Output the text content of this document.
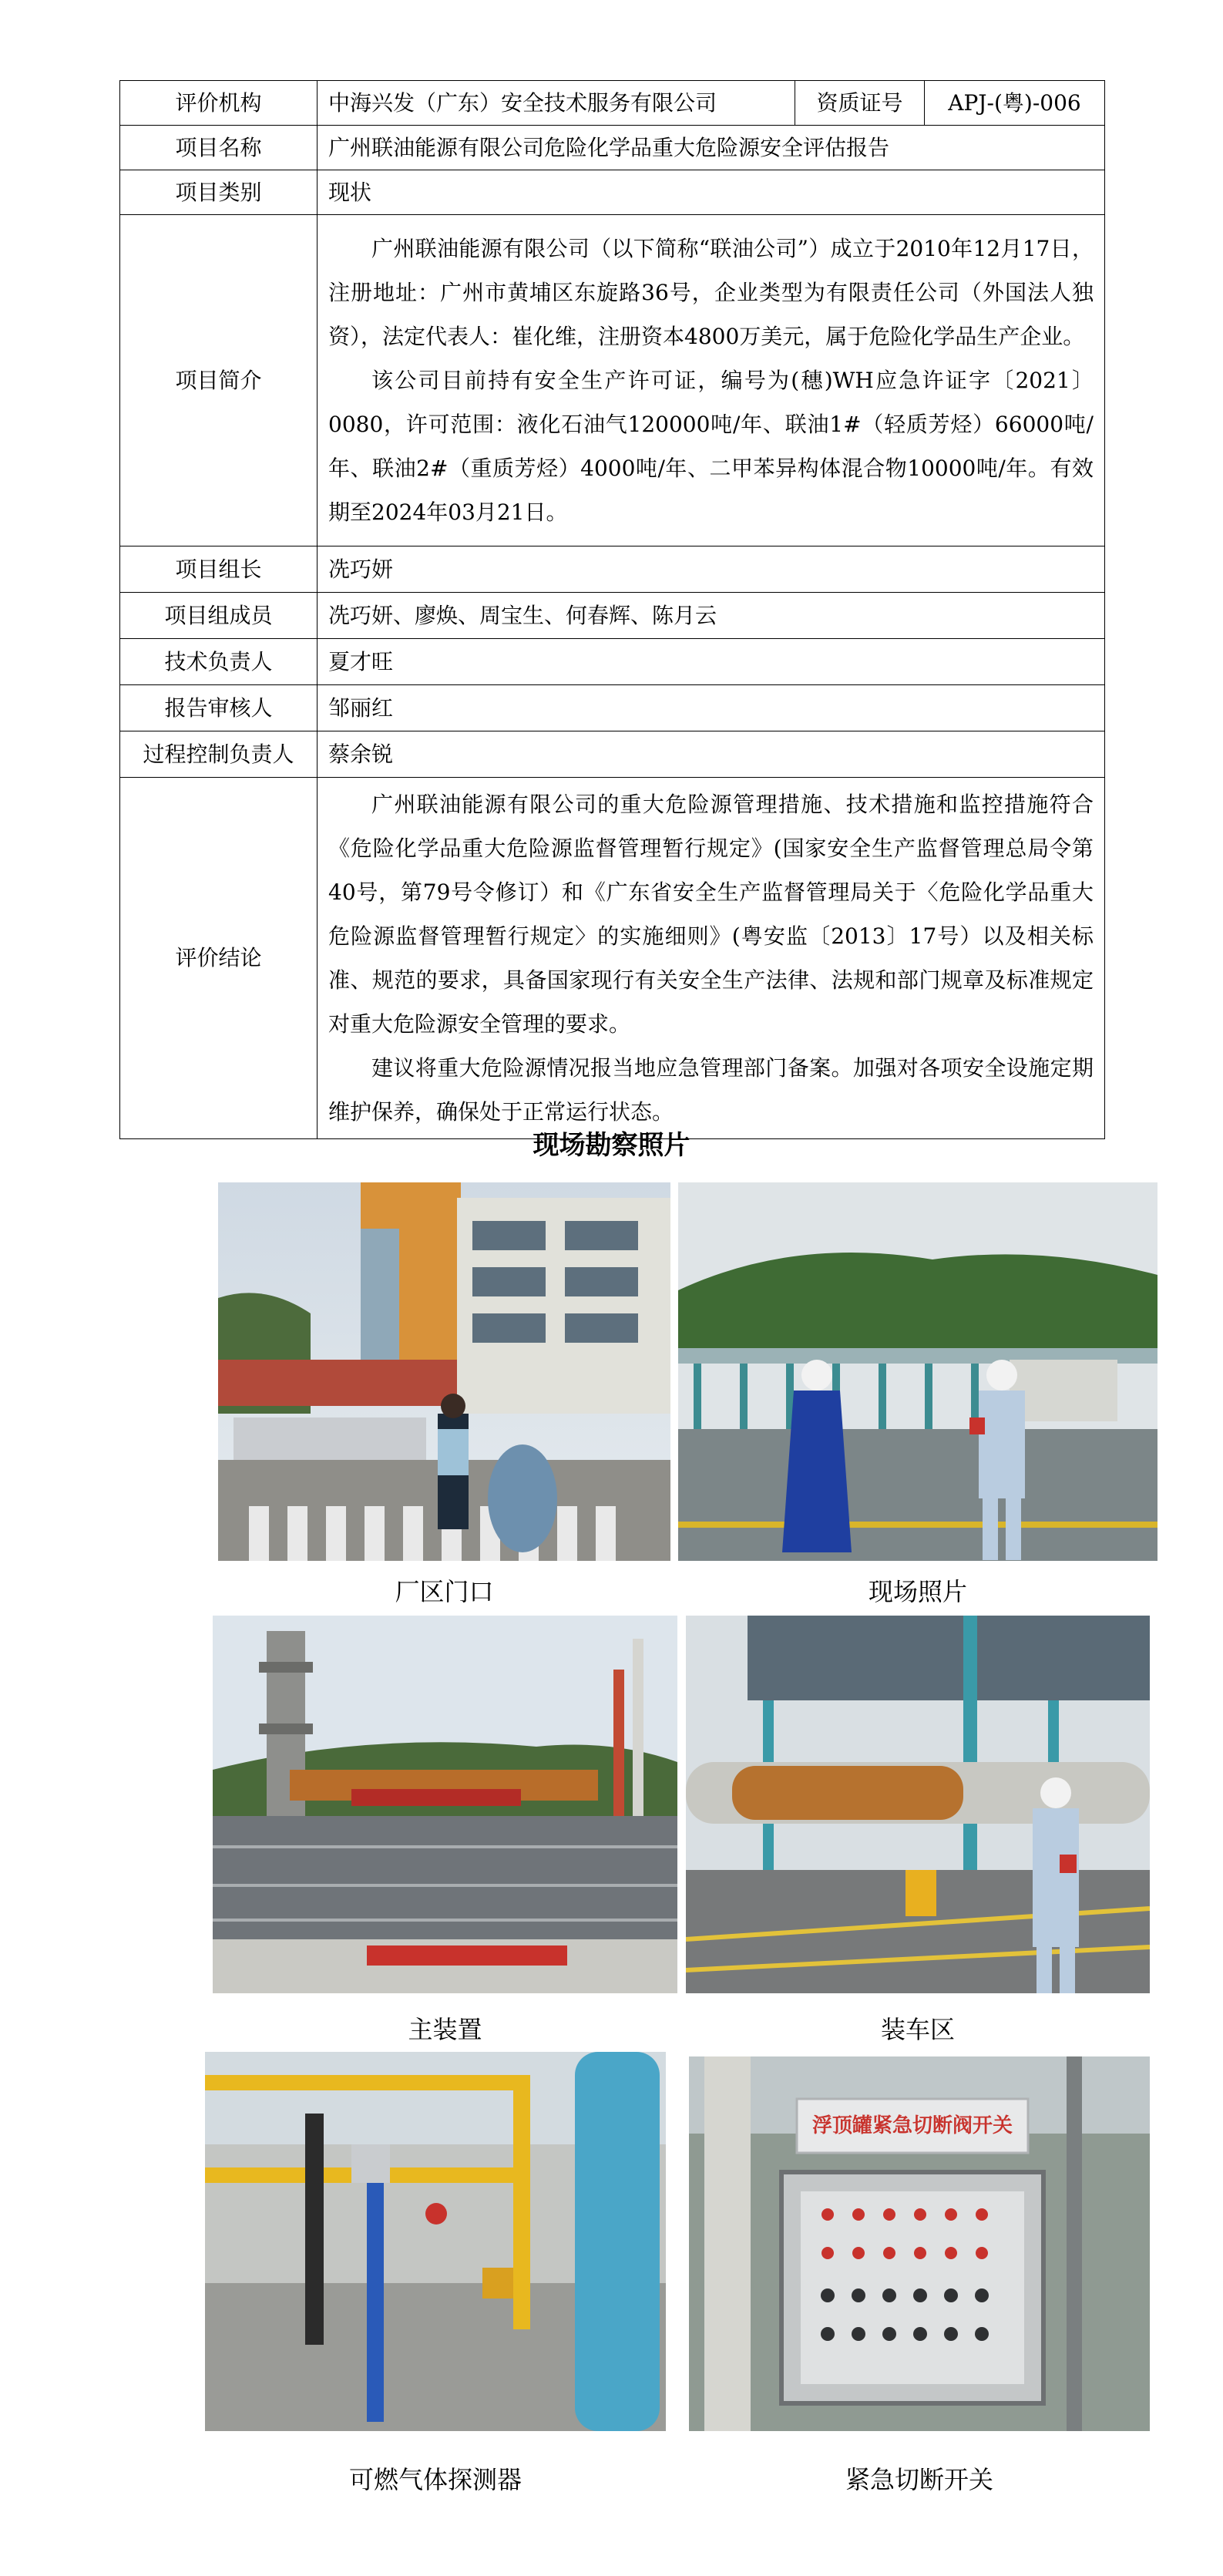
评价机构	中海兴发（广东）安全技术服务有限公司	资质证号	APJ-(粤)-006
项目名称	广州联油能源有限公司危险化学品重大危险源安全评估报告		
项目类别	现状		
项目简介	广州联油能源有限公司（以下简称“联油公司”）成立于2010年12月17日，注册地址：广州市黄埔区东旋路36号，企业类型为有限责任公司（外国法人独资），法定代表人：崔化维，注册资本4800万美元，属于危险化学品生产企业。

该公司目前持有安全生产许可证，编号为(穗)WH应急许证字〔2021〕0080，许可范围：液化石油气120000吨/年、联油1#（轻质芳烃）66000吨/年、联油2#（重质芳烃）4000吨/年、二甲苯异构体混合物10000吨/年。有效期至2024年03月21日。		

项目组长	冼巧妍		
项目组成员	冼巧妍、廖焕、周宝生、何春辉、陈月云		
技术负责人	夏才旺		
报告审核人	邹丽红		
过程控制负责人	蔡余锐		
评价结论	广州联油能源有限公司的重大危险源管理措施、技术措施和监控措施符合《危险化学品重大危险源监督管理暂行规定》(国家安全生产监督管理总局令第40号，第79号令修订）和《广东省安全生产监督管理局关于〈危险化学品重大危险源监督管理暂行规定〉的实施细则》(粤安监〔2013〕17号）以及相关标准、规范的要求，具备国家现行有关安全生产法律、法规和部门规章及标准规定对重大危险源安全管理的要求。

建议将重大危险源情况报当地应急管理部门备案。加强对各项安全设施定期维护保养，确保处于正常运行状态。		

现场勘察照片
厂区门口	现场照片
主装置	装车区
可燃气体探测器
浮顶罐紧急切断阀开关
紧急切断开关
